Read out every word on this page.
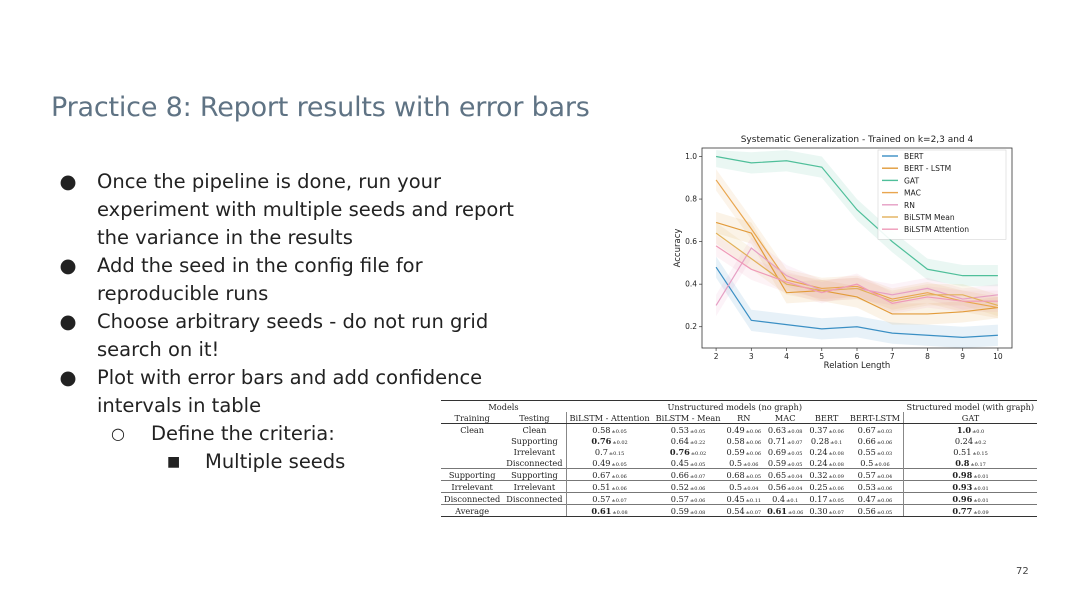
Practice 8: Report results with error bars
● Once the pipeline is done, run your
experiment with multiple seeds and report
the variance in the results
● Add the seed in the config file for
reproducible runs
● Choose arbitrary seeds - do not run grid
search on it!
● Plot with error bars and add confidence
intervals in table
○ Define the criteria:
■ Multiple seeds
Systematic Generalization - Trained on k=2,3 and 4
Relation Length
Accuracy
2	3	4	5	6	7	8	9	10
0.2
0.4
0.6
0.8
1.0	BERT
BERT - LSTM
GAT
MAC
RN
BiLSTM Mean
BiLSTM Attention
Models		Unstructured models (no graph)						Structured model (with graph)
Training	Testing	BiLSTM - Attention	BiLSTM - Mean	RN	MAC	BERT	BERT-LSTM	GAT
Clean	Clean	0.58±0.05	0.53±0.05	0.49±0.06	0.63±0.08	0.37±0.06	0.67±0.03	1.0±0.0
	Supporting	0.76±0.02	0.64±0.22	0.58±0.06	0.71±0.07	0.28±0.1	0.66±0.06	0.24±0.2
	Irrelevant	0.7±0.15	0.76±0.02	0.59±0.06	0.69±0.05	0.24±0.08	0.55±0.03	0.51±0.15
	Disconnected	0.49±0.05	0.45±0.05	0.5±0.06	0.59±0.05	0.24±0.08	0.5±0.06	0.8±0.17
Supporting	Supporting	0.67±0.06	0.66±0.07	0.68±0.05	0.65±0.04	0.32±0.09	0.57±0.04	0.98±0.01
Irrelevant	Irrelevant	0.51±0.06	0.52±0.06	0.5±0.04	0.56±0.04	0.25±0.06	0.53±0.06	0.93±0.01
Disconnected	Disconnected	0.57±0.07	0.57±0.06	0.45±0.11	0.4±0.1	0.17±0.05	0.47±0.06	0.96±0.01
Average		0.61±0.08	0.59±0.08	0.54±0.07	0.61±0.06	0.30±0.07	0.56±0.05	0.77±0.09
72
